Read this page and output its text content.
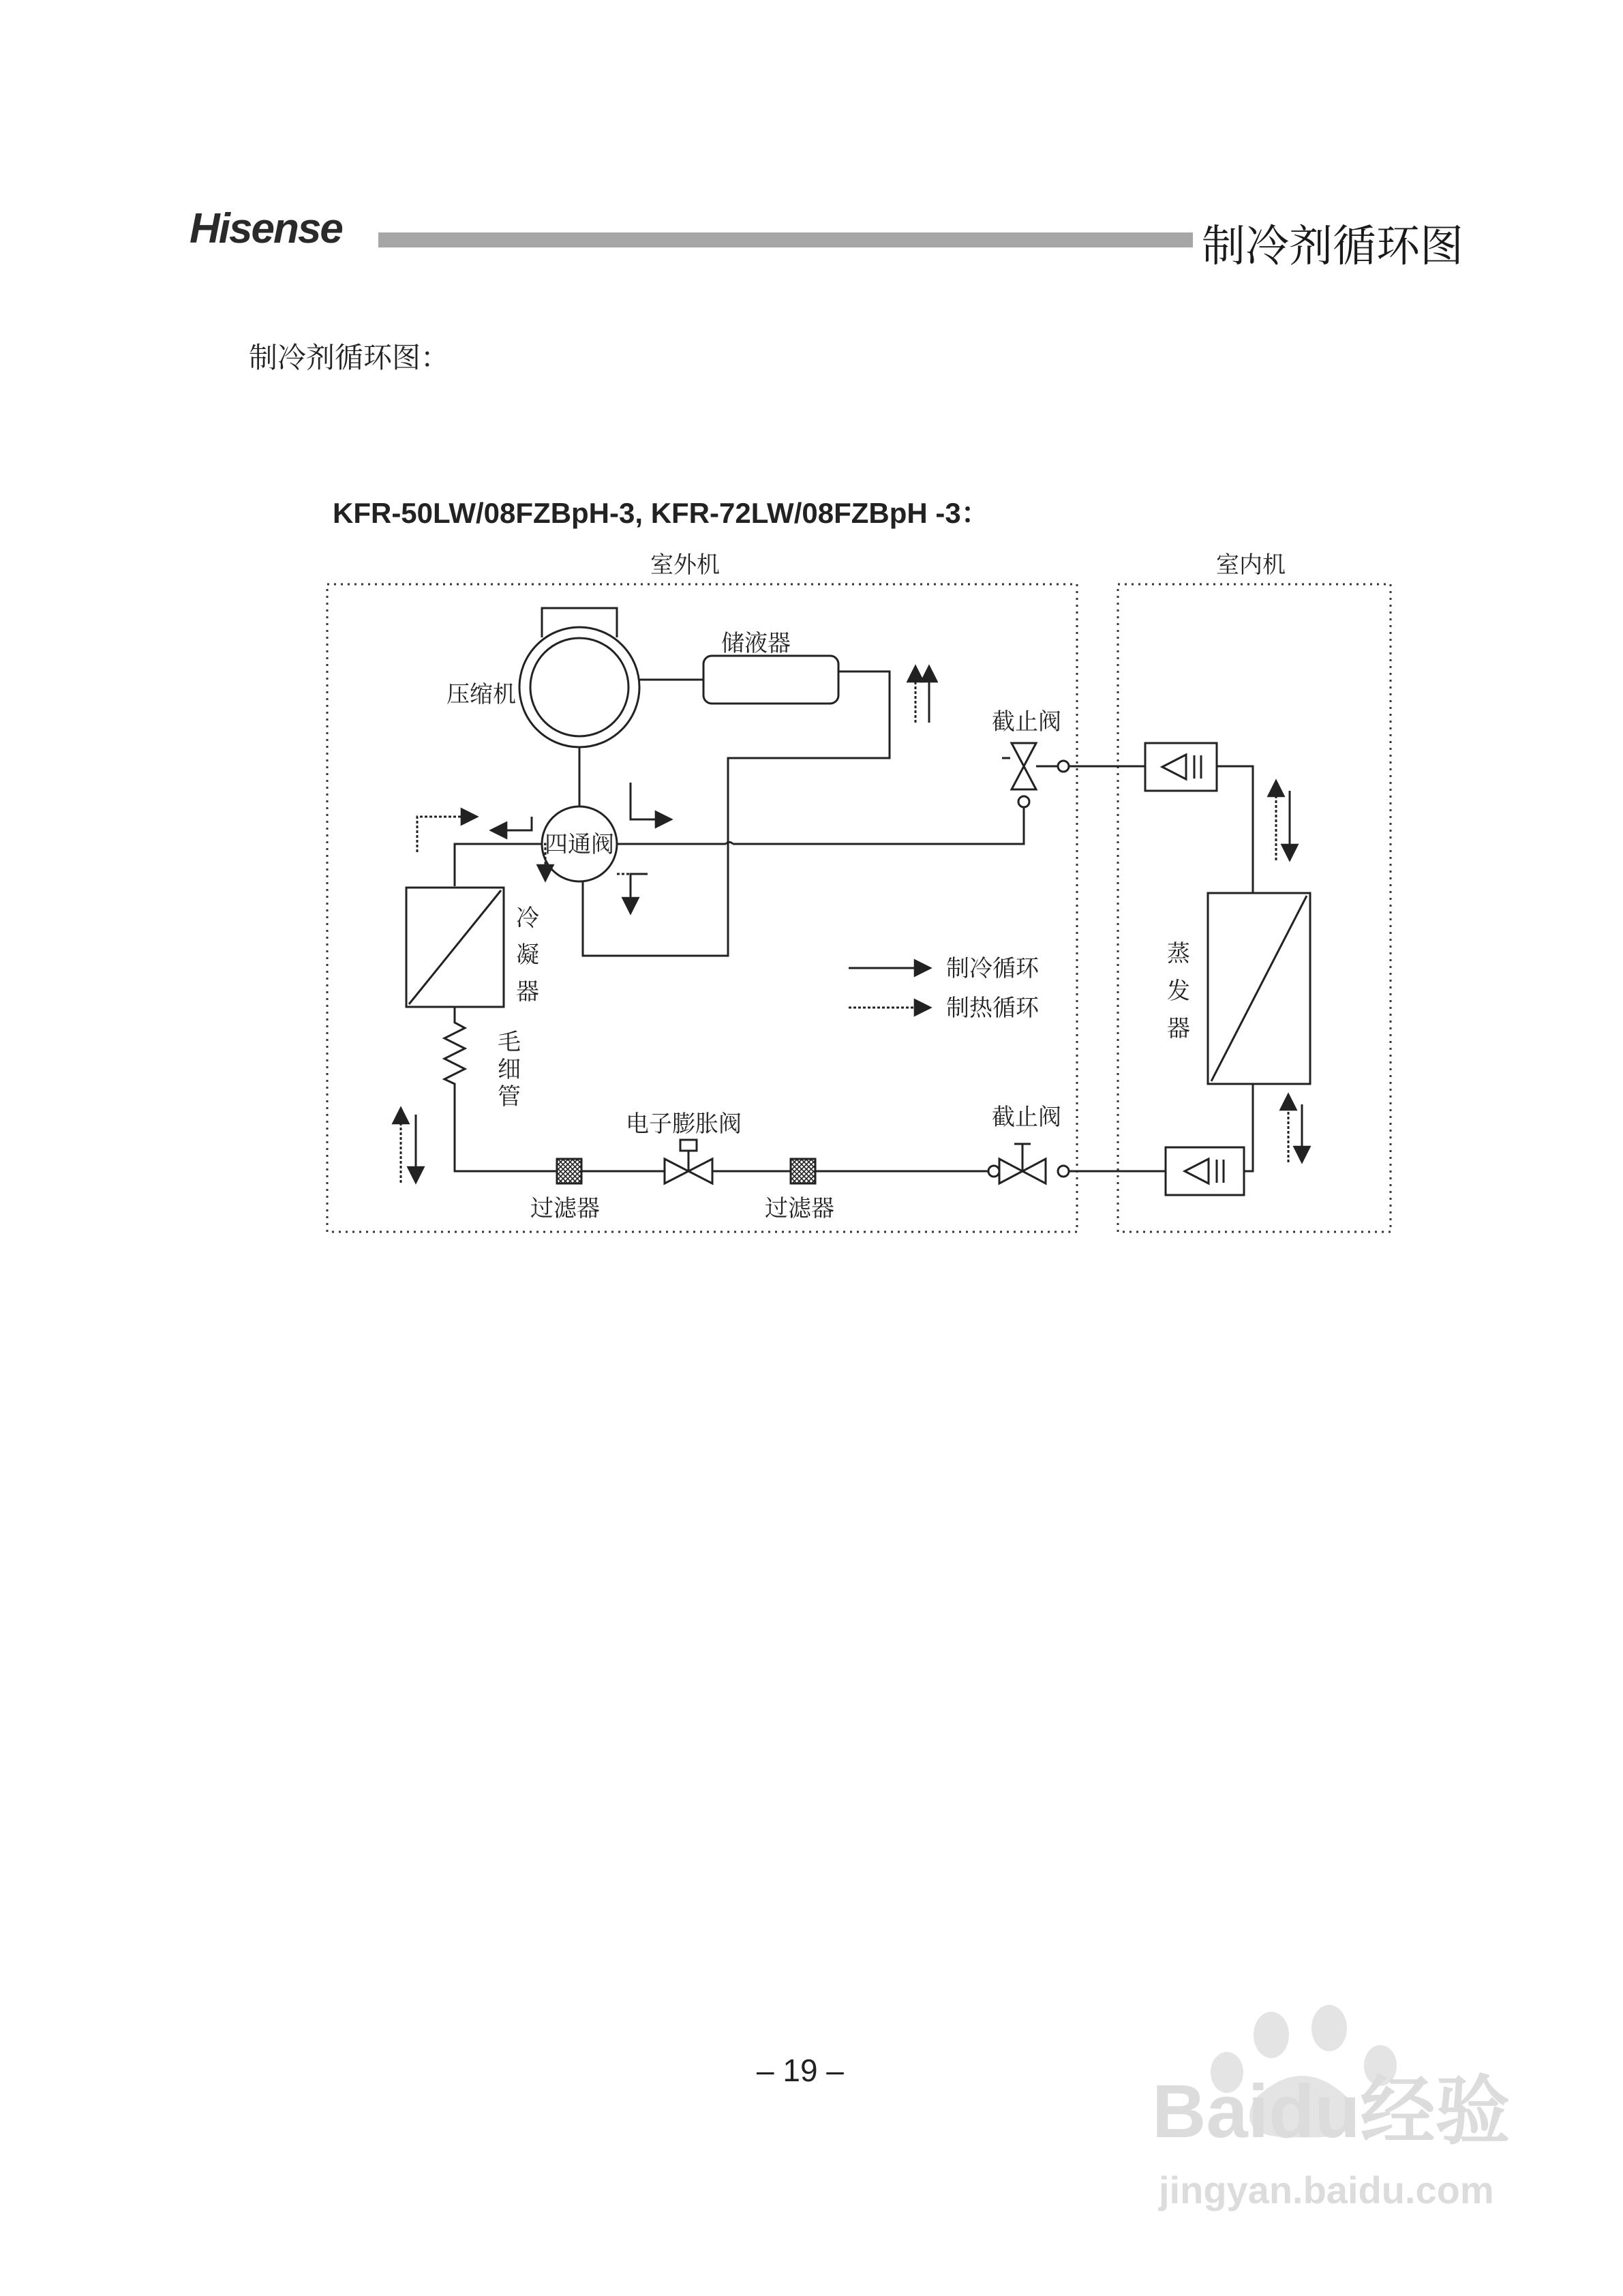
Hisense	制冷剂循环图
制冷剂循环图：
KFR-50LW/08FZBpH-3, KFR-72LW/08FZBpH -3：
室外机	室内机
压缩机
储液器
四通阀
冷
凝
器
毛
细
管
蒸
发
器
截止阀
截止阀
电子膨胀阀
过滤器	过滤器
制冷循环
制热循环
Baidu经验
jingyan.baidu.com
– 19 –
